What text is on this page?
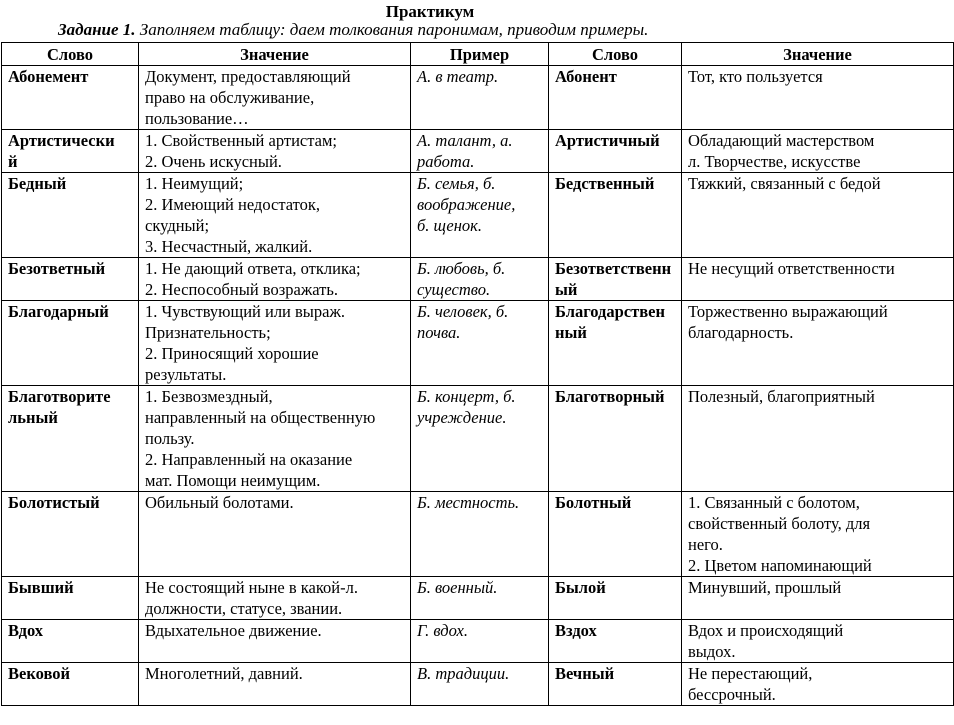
Практикум
Задание 1. Заполняем таблицу: даем толкования паронимам, приводим примеры.
Слово	Значение	Пример	Слово	Значение

Абонемент	Документ, предоставляющий
право на обслуживание,
пользование…	А. в театр.	Абонент	Тот, кто пользуется

Артистически
й	1. Свойственный артистам;
2. Очень искусный.	А. талант, а.
работа.	Артистичный	Обладающий мастерством
л. Творчестве, искусстве

Бедный	1. Неимущий;
2. Имеющий недостаток,
скудный;
3. Несчастный, жалкий.	Б. семья, б.
воображение,
б. щенок.	Бедственный	Тяжкий, связанный с бедой

Безответный	1. Не дающий ответа, отклика;
2. Неспособный возражать.	Б. любовь, б.
существо.	Безответственн
ый	Не несущий ответственности

Благодарный	1. Чувствующий или выраж.
Признательность;
2. Приносящий хорошие
результаты.	Б. человек, б.
почва.	Благодарствен
ный	Торжественно выражающий
благодарность.

Благотворите
льный	1. Безвозмездный,
направленный на общественную
пользу.
2. Направленный на оказание
мат. Помощи неимущим.	Б. концерт, б.
учреждение.	Благотворный	Полезный, благоприятный

Болотистый	Обильный болотами.	Б. местность.	Болотный	1. Связанный с болотом,
свойственный болоту, для
него.
2. Цветом напоминающий

Бывший	Не состоящий ныне в какой-л.
должности, статусе, звании.	Б. военный.	Былой	Минувший, прошлый

Вдох	Вдыхательное движение.	Г. вдох.	Вздох	Вдох и происходящий
выдох.

Вековой	Многолетний, давний.	В. традиции.	Вечный	Не перестающий,
бессрочный.
